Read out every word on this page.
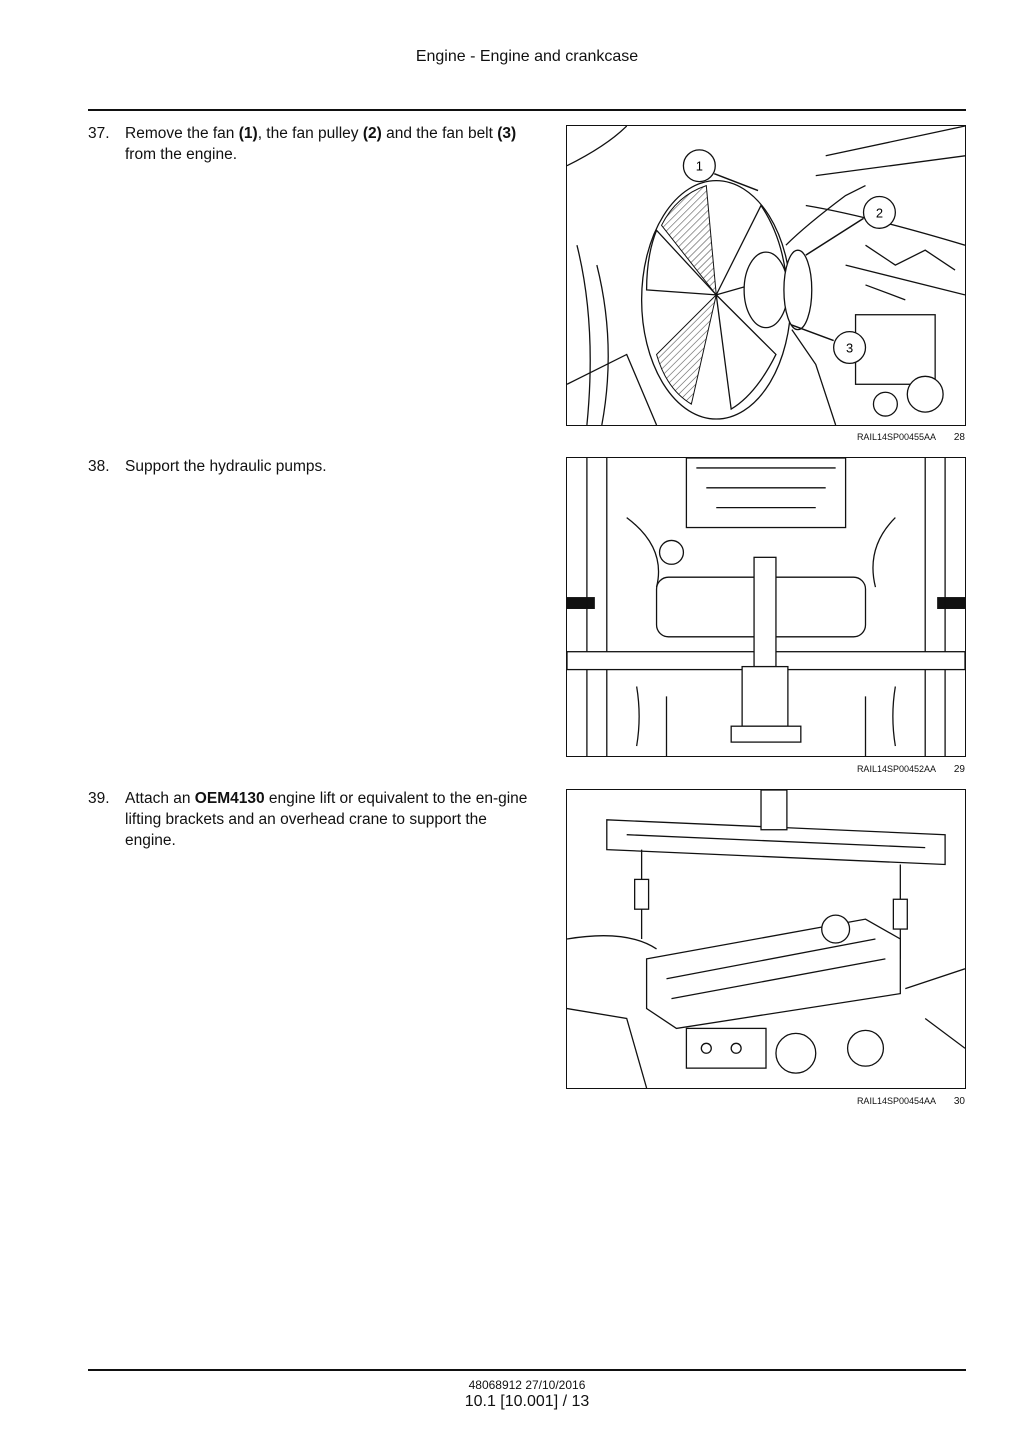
Engine - Engine and crankcase
37. Remove the fan (1), the fan pulley (2) and the fan belt (3) from the engine.
1
2
3
RAIL14SP00455AA 28
38. Support the hydraulic pumps.
RAIL14SP00452AA 29
39. Attach an OEM4130 engine lift or equivalent to the en-gine lifting brackets and an overhead crane to support the engine.
RAIL14SP00454AA 30
48068912 27/10/2016
10.1 [10.001] / 13
